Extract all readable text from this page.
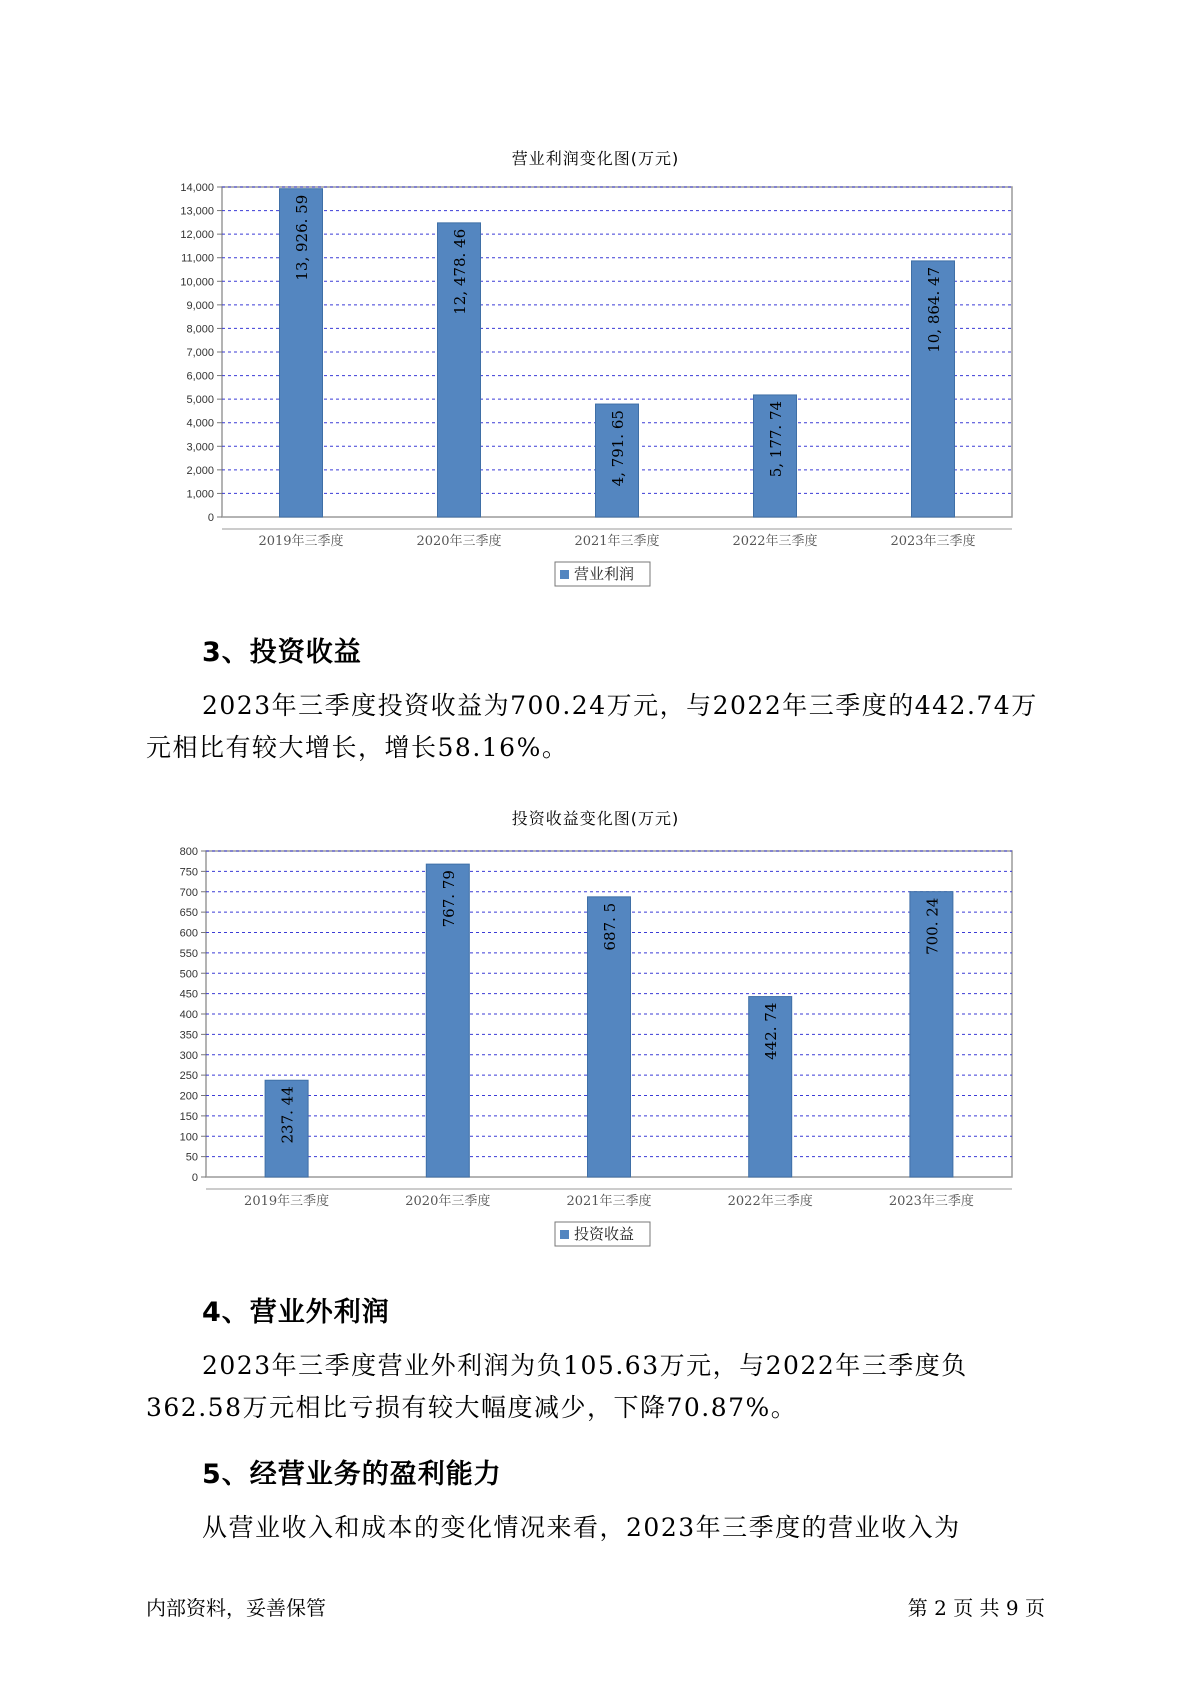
营业利润变化图(万元)
0
1,000
2,000
3,000
4,000
5,000
6,000
7,000
8,000
9,000
10,000
11,000
12,000
13,000
14,000
13, 926. 59
2019年三季度
12, 478. 46
2020年三季度
4, 791. 65
2021年三季度
5, 177. 74
2022年三季度
10, 864. 47
2023年三季度
营业利润
3、投资收益

2023年三季度投资收益为700.24万元，与2022年三季度的442.74万元相比有较大增长，增长58.16%。

投资收益变化图(万元)
0
50
100
150
200
250
300
350
400
450
500
550
600
650
700
750
800
237. 44
2019年三季度
767. 79
2020年三季度
687. 5
2021年三季度
442. 74
2022年三季度
700. 24
2023年三季度
投资收益
4、营业外利润

2023年三季度营业外利润为负105.63万元，与2022年三季度负362.58万元相比亏损有较大幅度减少，下降70.87%。

5、经营业务的盈利能力

从营业收入和成本的变化情况来看，2023年三季度的营业收入为

内部资料，妥善保管	第 2 页 共 9 页
